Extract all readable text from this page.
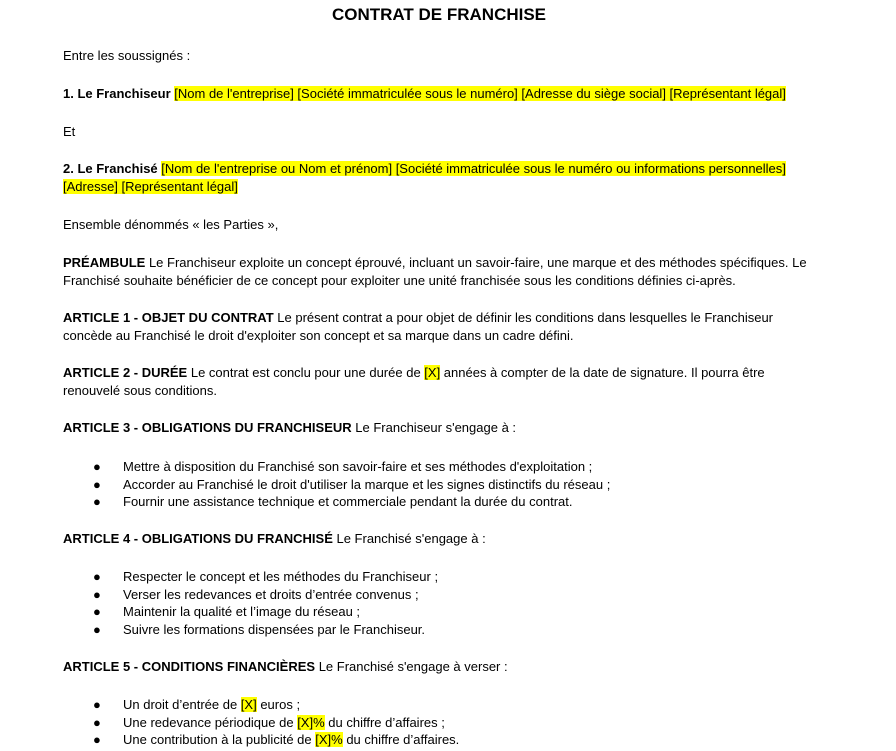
CONTRAT DE FRANCHISE

Entre les soussignés :

1. Le Franchiseur [Nom de l'entreprise] [Société immatriculée sous le numéro] [Adresse du siège social] [Représentant légal]

Et

2. Le Franchisé [Nom de l'entreprise ou Nom et prénom] [Société immatriculée sous le numéro ou informations personnelles]
[Adresse] [Représentant légal]

Ensemble dénommés « les Parties »,

PRÉAMBULE Le Franchiseur exploite un concept éprouvé, incluant un savoir-faire, une marque et des méthodes spécifiques. Le Franchisé souhaite bénéficier de ce concept pour exploiter une unité franchisée sous les conditions définies ci-après.

ARTICLE 1 - OBJET DU CONTRAT Le présent contrat a pour objet de définir les conditions dans lesquelles le Franchiseur concède au Franchisé le droit d'exploiter son concept et sa marque dans un cadre défini.

ARTICLE 2 - DURÉE Le contrat est conclu pour une durée de [X] années à compter de la date de signature. Il pourra être renouvelé sous conditions.

ARTICLE 3 - OBLIGATIONS DU FRANCHISEUR Le Franchiseur s'engage à :

● Mettre à disposition du Franchisé son savoir-faire et ses méthodes d'exploitation ;
● Accorder au Franchisé le droit d'utiliser la marque et les signes distinctifs du réseau ;
● Fournir une assistance technique et commerciale pendant la durée du contrat.

ARTICLE 4 - OBLIGATIONS DU FRANCHISÉ Le Franchisé s'engage à :

● Respecter le concept et les méthodes du Franchiseur ;
● Verser les redevances et droits d’entrée convenus ;
● Maintenir la qualité et l’image du réseau ;
● Suivre les formations dispensées par le Franchiseur.

ARTICLE 5 - CONDITIONS FINANCIÈRES Le Franchisé s'engage à verser :

● Un droit d’entrée de [X] euros ;
● Une redevance périodique de [X]% du chiffre d’affaires ;
● Une contribution à la publicité de [X]% du chiffre d’affaires.
